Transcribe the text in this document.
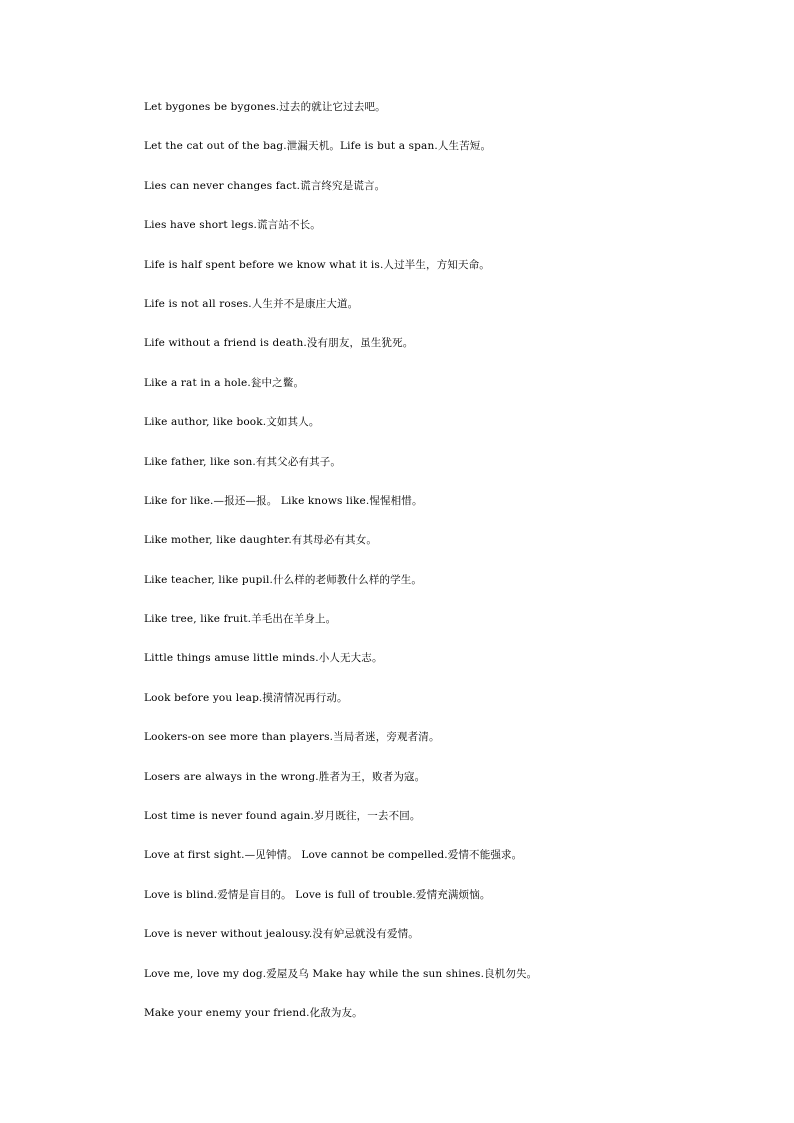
Let bygones be bygones.过去的就让它过去吧。
Let the cat out of the bag.泄漏天机。Life is but a span.人生苦短。
Lies can never changes fact.谎言终究是谎言。
Lies have short legs.谎言站不长。
Life is half spent before we know what it is.人过半生，方知天命。
Life is not all roses.人生并不是康庄大道。
Life without a friend is death.没有朋友，虽生犹死。
Like a rat in a hole.瓮中之鳖。
Like author, like book.文如其人。
Like father, like son.有其父必有其子。
Like for like.—报还—报。 Like knows like.惺惺相惜。
Like mother, like daughter.有其母必有其女。
Like teacher, like pupil.什么样的老师教什么样的学生。
Like tree, like fruit.羊毛出在羊身上。
Little things amuse little minds.小人无大志。
Look before you leap.摸清情况再行动。
Lookers-on see more than players.当局者迷，旁观者清。
Losers are always in the wrong.胜者为王，败者为寇。
Lost time is never found again.岁月既往，一去不回。
Love at first sight.—见钟情。 Love cannot be compelled.爱情不能强求。
Love is blind.爱情是盲目的。 Love is full of trouble.爱情充满烦恼。
Love is never without jealousy.没有妒忌就没有爱情。
Love me, love my dog.爱屋及乌 Make hay while the sun shines.良机勿失。
Make your enemy your friend.化敌为友。
